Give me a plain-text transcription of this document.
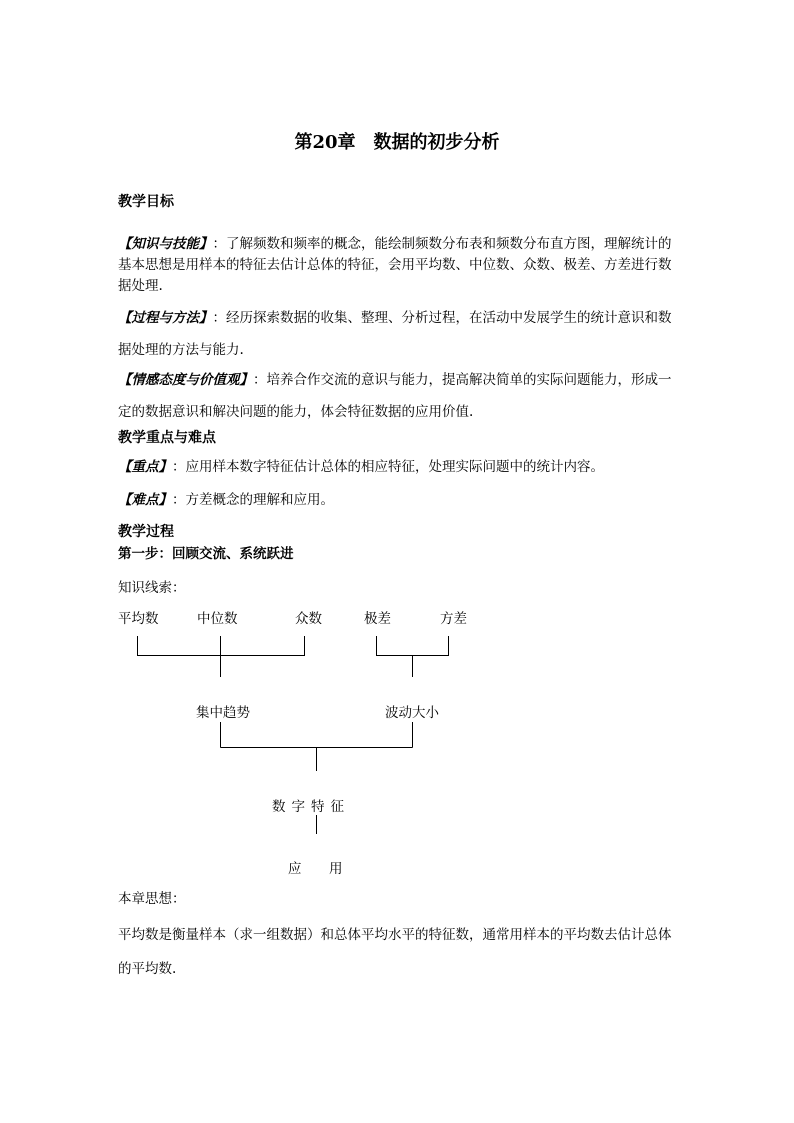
第20章　数据的初步分析
教学目标
【知识与技能】：了解频数和频率的概念，能绘制频数分布表和频数分布直方图，理解统计的基本思想是用样本的特征去估计总体的特征，会用平均数、中位数、众数、极差、方差进行数据处理.
【过程与方法】：经历探索数据的收集、整理、分析过程，在活动中发展学生的统计意识和数据处理的方法与能力.
【情感态度与价值观】：培养合作交流的意识与能力，提高解决简单的实际问题能力，形成一定的数据意识和解决问题的能力，体会特征数据的应用价值.
教学重点与难点
【重点】：应用样本数字特征估计总体的相应特征，处理实际问题中的统计内容。
【难点】：方差概念的理解和应用。
教学过程
第一步：回顾交流、系统跃进
知识线索：
平均数	中位数	众数	极差	方差
集中趋势	波动大小
数字特征
应 用
本章思想：
平均数是衡量样本（求一组数据）和总体平均水平的特征数，通常用样本的平均数去估计总体的平均数.
